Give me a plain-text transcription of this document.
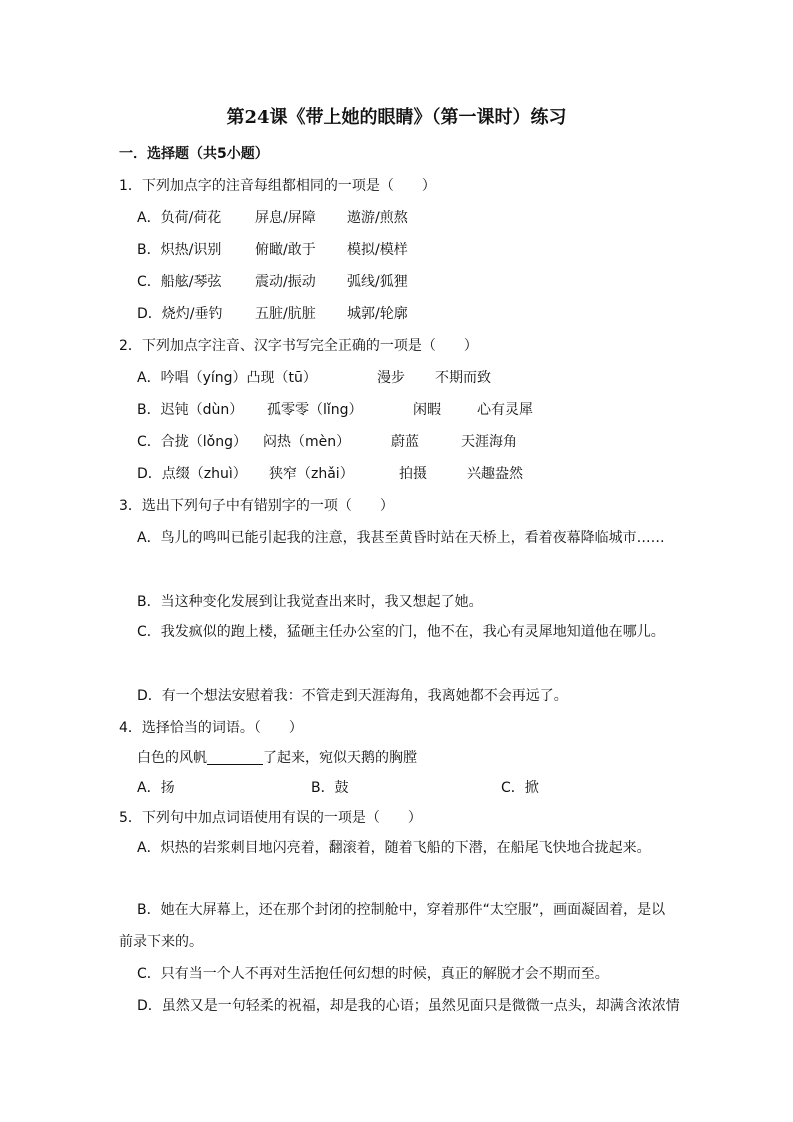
第24课《带上她的眼睛》（第一课时）练习
一．选择题（共5小题）
1．下列加点字的注音每组都相同的一项是（　　）
A．负荷/荷花 屏息/屏障 遨游/煎熬
B．炽热/识别 俯瞰/敢于 模拟/模样
C．船舷/琴弦 震动/振动 弧线/狐狸
D．烧灼/垂钓 五脏/肮脏 城郭/轮廓
2．下列加点字注音、汉字书写完全正确的一项是（　　）
A．吟唱（yíng）凸现（tū）	漫步 不期而致
B．迟钝（dùn） 孤零零（lǐng）	闲暇	心有灵犀
C．合拢（lǒng） 闷热（mèn）	蔚蓝	天涯海角
D．点缀（zhuì） 狭窄（zhǎi）	拍摄	兴趣盎然
3．选出下列句子中有错别字的一项（　　）
A．鸟儿的鸣叫已能引起我的注意，我甚至黄昏时站在天桥上，看着夜幕降临城市……
B．当这种变化发展到让我觉查出来时，我又想起了她。
C．我发疯似的跑上楼，猛砸主任办公室的门，他不在，我心有灵犀地知道他在哪儿。
D．有一个想法安慰着我：不管走到天涯海角，我离她都不会再远了。
4．选择恰当的词语。（　　）
白色的风帆　　　　	了起来，宛似天鹅的胸膛
A．扬	B．鼓	C．掀
5．下列句中加点词语使用有误的一项是（　　）
A．炽热的岩浆刺目地闪亮着，翻滚着，随着飞船的下潜，在船尾飞快地合拢起来。
B．她在大屏幕上，还在那个封闭的控制舱中，穿着那件“太空服”，画面凝固着，是以
前录下来的。
C．只有当一个人不再对生活抱任何幻想的时候，真正的解脱才会不期而至。
D．虽然又是一句轻柔的祝福，却是我的心语；虽然见面只是微微一点头，却满含浓浓情
